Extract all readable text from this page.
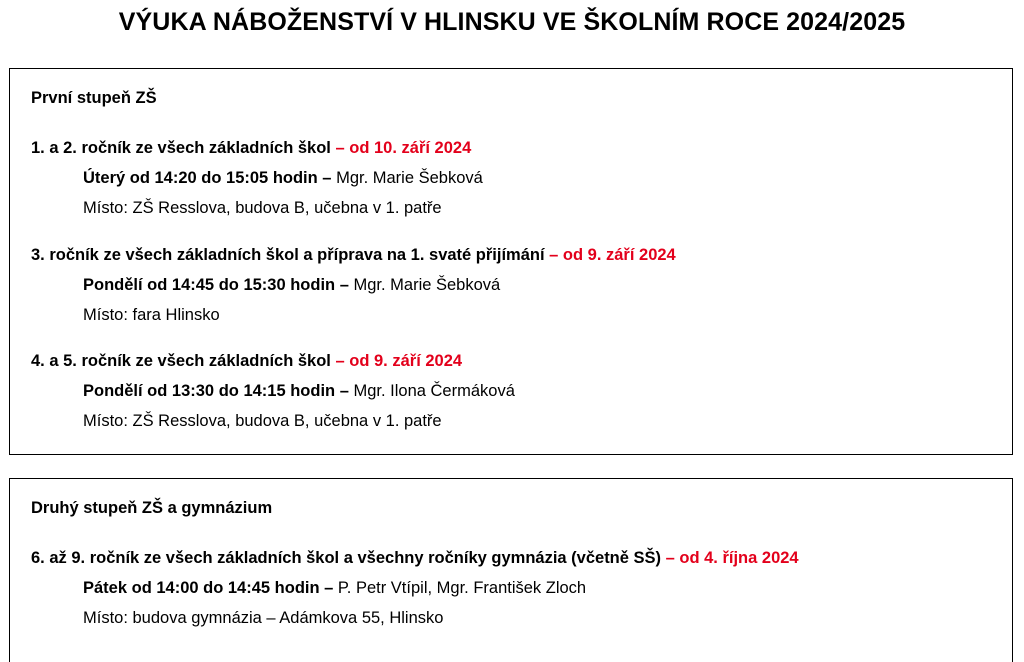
VÝUKA NÁBOŽENSTVÍ V HLINSKU VE ŠKOLNÍM ROCE 2024/2025

První stupeň ZŠ

1. a 2. ročník ze všech základních škol – od 10. září 2024
Úterý od 14:20 do 15:05 hodin – Mgr. Marie Šebková
Místo: ZŠ Resslova, budova B, učebna v 1. patře
3. ročník ze všech základních škol a příprava na 1. svaté přijímání – od 9. září 2024
Pondělí od 14:45 do 15:30 hodin – Mgr. Marie Šebková
Místo: fara Hlinsko
4. a 5. ročník ze všech základních škol – od 9. září 2024
Pondělí od 13:30 do 14:15 hodin – Mgr. Ilona Čermáková
Místo: ZŠ Resslova, budova B, učebna v 1. patře

Druhý stupeň ZŠ a gymnázium

6. až 9. ročník ze všech základních škol a všechny ročníky gymnázia (včetně SŠ) – od 4. října 2024
Pátek od 14:00 do 14:45 hodin – P. Petr Vtípil, Mgr. František Zloch
Místo: budova gymnázia – Adámkova 55, Hlinsko
